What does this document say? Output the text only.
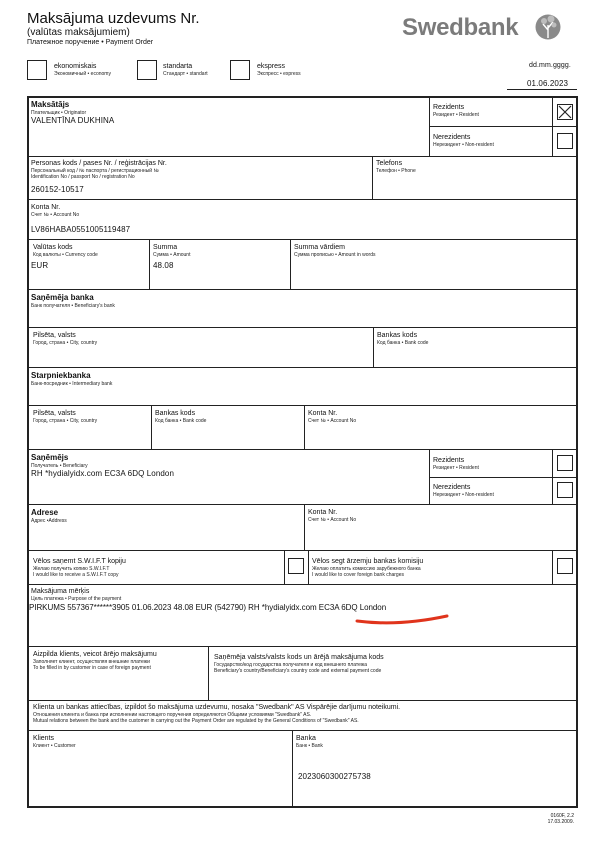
Maksājuma uzdevums Nr.
(valūtas maksājumiem)
Платежное поручение • Payment Order
Swedbank
ekonomiskais
Экономичный • economy
standarta
Стандарт • standart
ekspress
Экспресс • express
dd.mm.gggg.
01.06.2023
Maksātājs
Плательщик • Originator
VALENTĪNA DUKHINA
Rezidents
Резидент • Resident
Nerezidents
Нерезидент • Non-resident
Personas kods / pases Nr. / reģistrācijas Nr.
Персональный код / № паспорта / регистрационный №
Identification No / passport No / registration No
260152-10517
Telefons
Телефон • Phone
Konta Nr.
Счет № • Account No
LV86HABA0551005119487
Valūtas kods
Код валюты • Currency code
EUR
Summa
Сумма • Amount
48.08
Summa vārdiem
Сумма прописью • Amount in words
Saņēmēja banka
Банк получателя • Beneficiary's bank
Pilsēta, valsts
Город, страна • City, country
Bankas kods
Код банка • Bank code
Starpniekbanka
Банк-посредник • Intermediary bank
Pilsēta, valsts
Город, страна • City, country
Bankas kods
Код банка • Bank code
Konta Nr.
Счет № • Account No
Saņēmējs
Получатель • Beneficiary
RH *hydialyidx.com EC3A 6DQ London
Rezidents
Резидент • Resident
Nerezidents
Нерезидент • Non-resident
Adrese
Адрес •Address
Konta Nr.
Счет № • Account No
Vēlos saņemt S.W.I.F.T kopiju
Желаю получить копию S.W.I.F.T
I would like to receive a S.W.I.F.T copy
Vēlos segt ārzemju bankas komisiju
Желаю оплатить комиссию зарубежного банка
I would like to cover foreign bank charges
Maksājuma mērķis
Цель платежа • Purpose of the payment
PIRKUMS 557367******3905 01.06.2023 48.08 EUR (542790) RH *hydialyidx.com EC3A 6DQ London
Aizpilda klients, veicot ārējo maksājumu
Заполняет клиент, осуществляя внешние платежи
To be filled in by customer in case of foreign payment
Saņēmēja valsts/valsts kods un ārējā maksājuma kods
Государство/код государства получателя и код внешнего платежа
Beneficiary's country/Beneficiary's country code and external payment code
Klienta un bankas attiecības, izpildot šo maksājuma uzdevumu, nosaka "Swedbank" AS Vispārējie darījumu noteikumi.
Отношения клиента и банка при исполнении настоящего поручения определяются Общими условиями "Swedbank" AS.
Mutual relations between the bank and the customer in carrying out the Payment Order are regulated by the General Conditions of "Swedbank" AS.
Klients
Клиент • Customer
Banka
Банк • Bank
2023060300275738
0160F, 2.2
17.03.2009.
